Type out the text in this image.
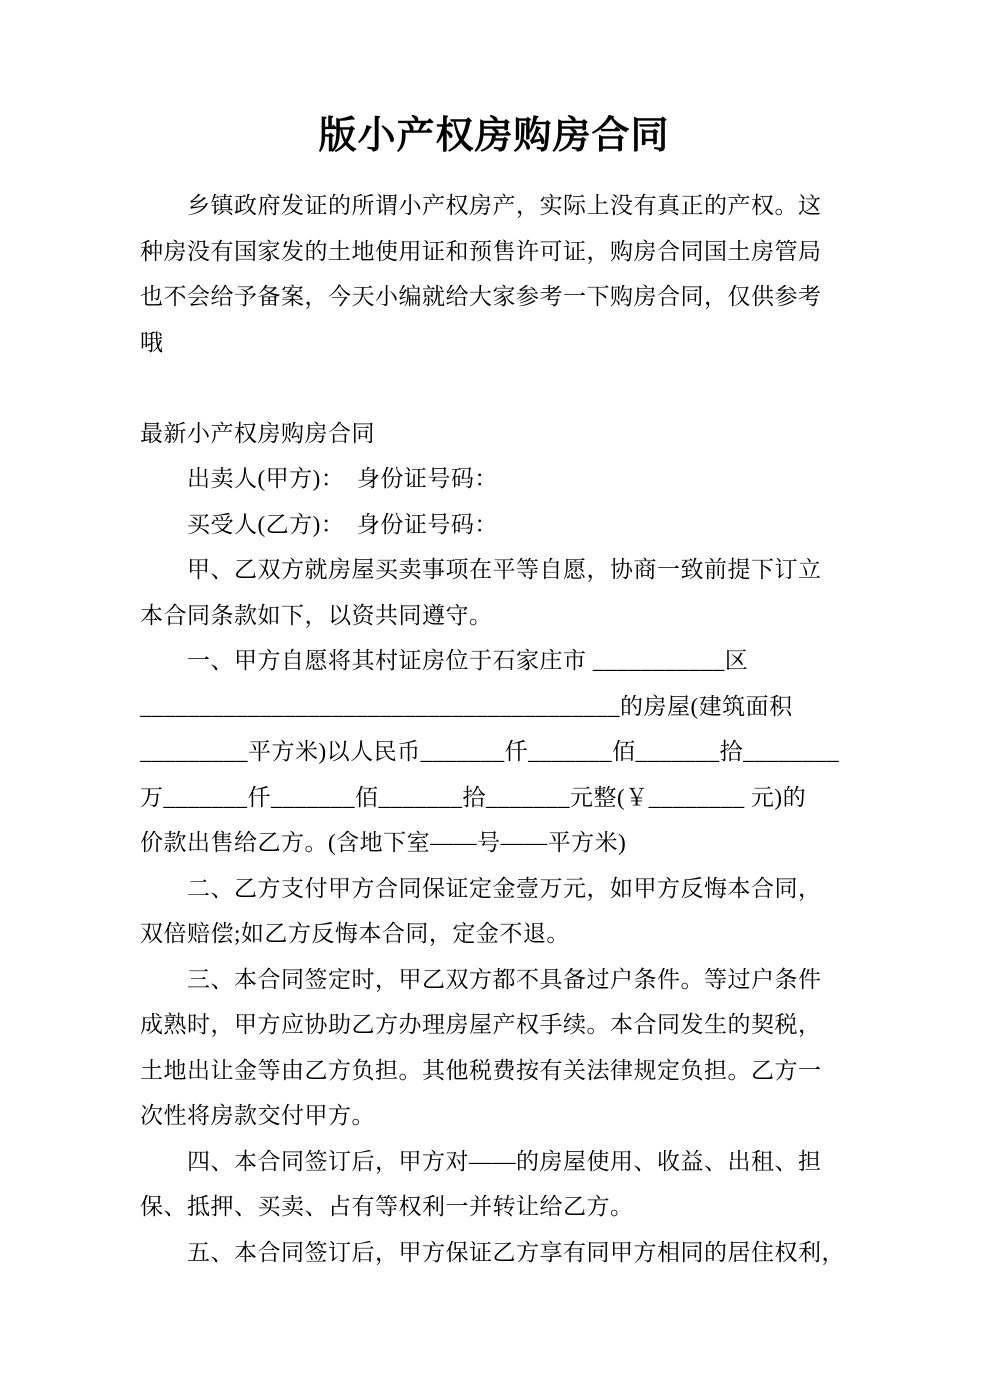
版小产权房购房合同
　　乡镇政府发证的所谓小产权房产，实际上没有真正的产权。这
种房没有国家发的土地使用证和预售许可证，购房合同国土房管局
也不会给予备案，今天小编就给大家参考一下购房合同，仅供参考
哦
最新小产权房购房合同
　　出卖人(甲方)：  身份证号码：
　　买受人(乙方)：  身份证号码：
　　甲、乙双方就房屋买卖事项在平等自愿，协商一致前提下订立
本合同条款如下，以资共同遵守。
　　一、甲方自愿将其村证房位于石家庄市 ___________区
________________________________________的房屋(建筑面积
_________平方米)以人民币_______仟_______佰_______拾________
万_______仟_______佰_______拾_______元整(￥________ 元)的
价款出售给乙方。(含地下室——号——平方米)
　　二、乙方支付甲方合同保证定金壹万元，如甲方反悔本合同，
双倍赔偿;如乙方反悔本合同，定金不退。
　　三、本合同签定时，甲乙双方都不具备过户条件。等过户条件
成熟时，甲方应协助乙方办理房屋产权手续。本合同发生的契税，
土地出让金等由乙方负担。其他税费按有关法律规定负担。乙方一
次性将房款交付甲方。
　　四、本合同签订后，甲方对——的房屋使用、收益、出租、担
保、抵押、买卖、占有等权利一并转让给乙方。
　　五、本合同签订后，甲方保证乙方享有同甲方相同的居住权利，
